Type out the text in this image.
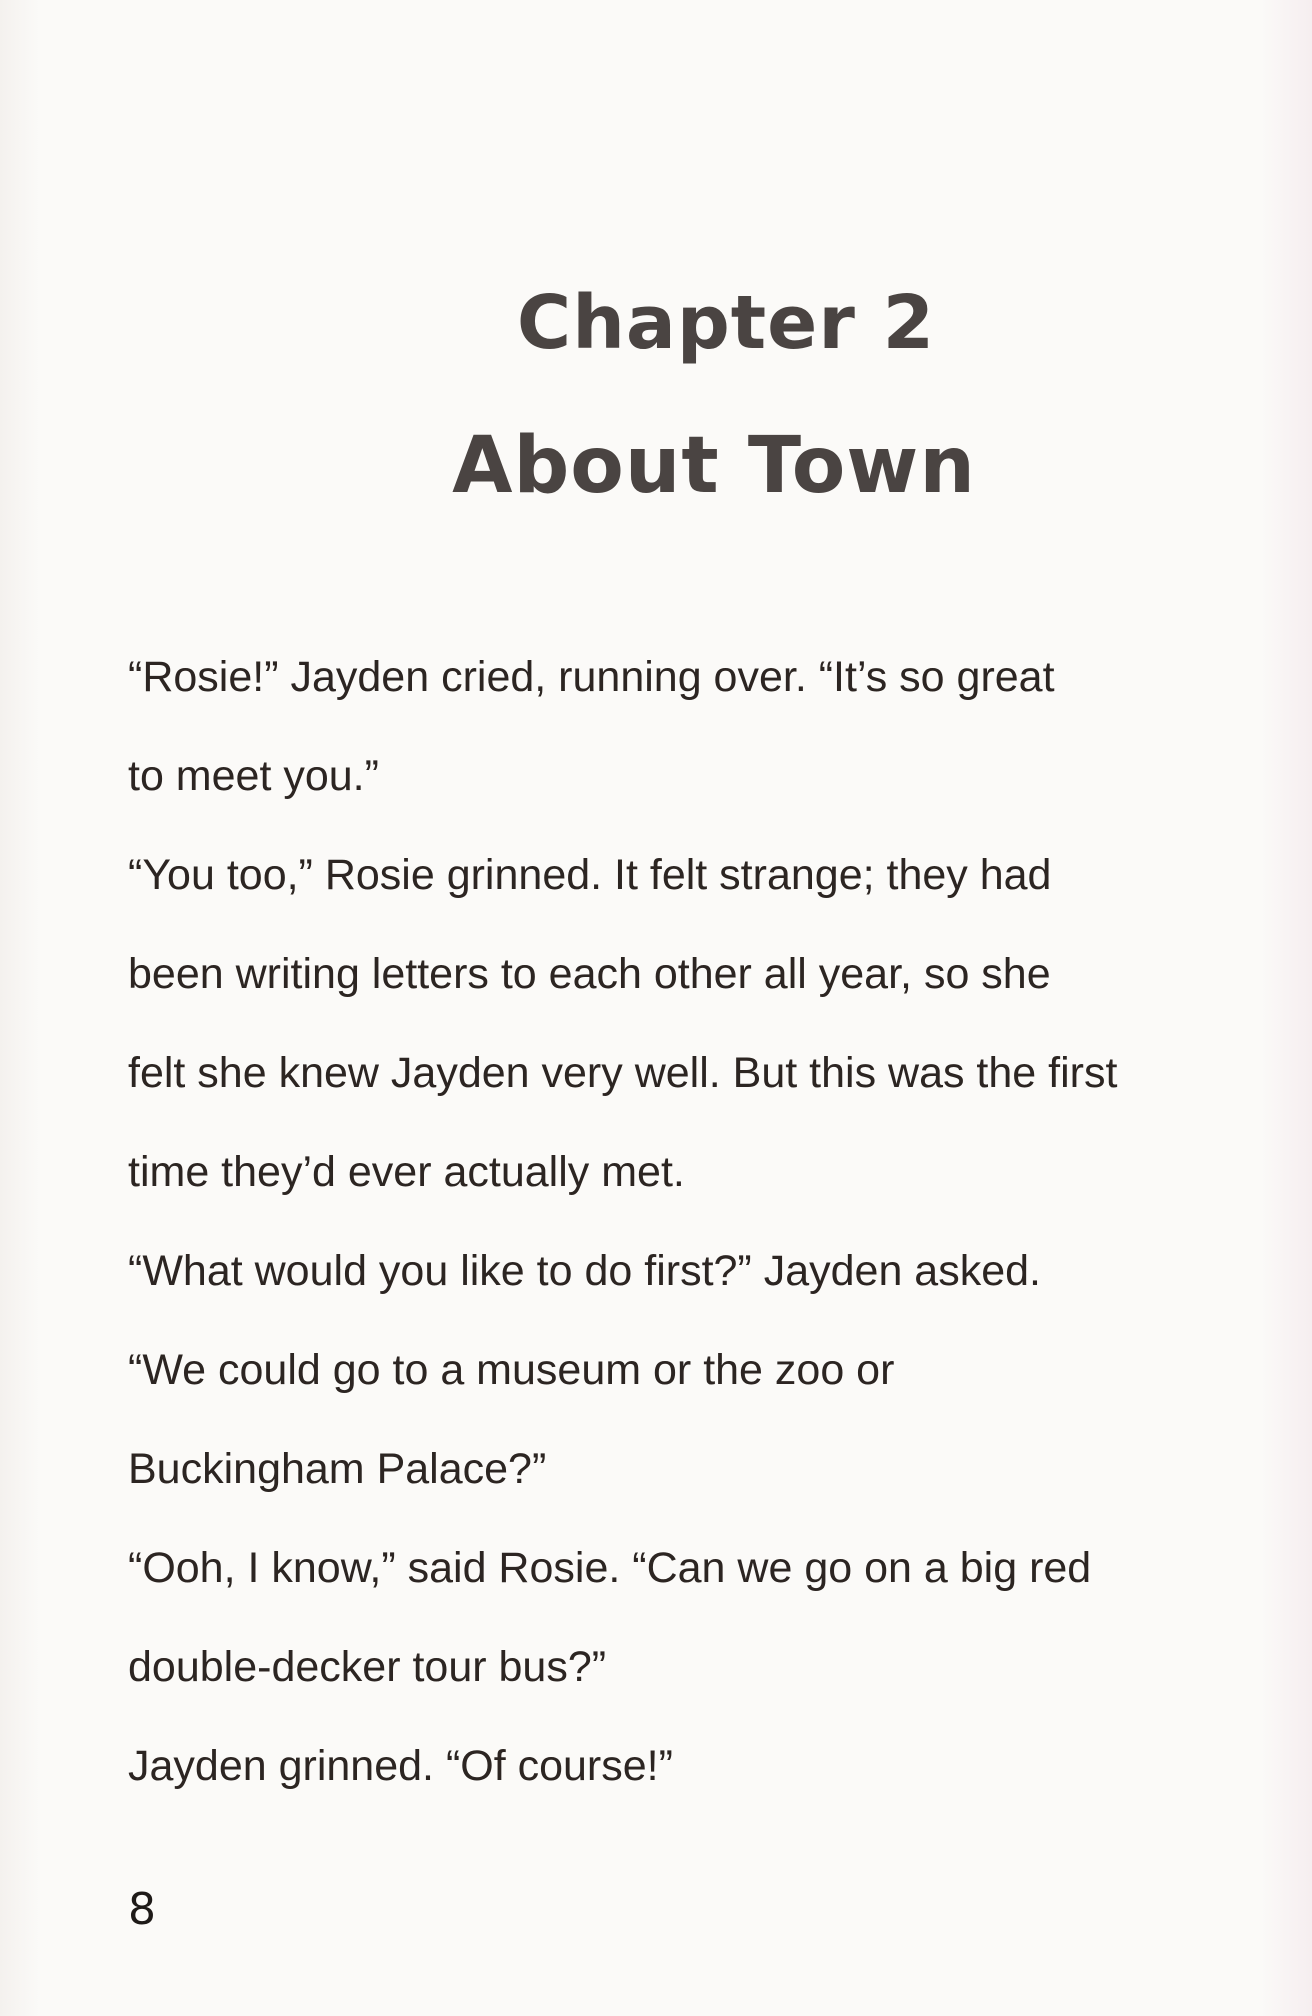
Chapter 2
About Town
“Rosie!” Jayden cried, running over. “It’s so great
to meet you.”
“You too,” Rosie grinned. It felt strange; they had
been writing letters to each other all year, so she
felt she knew Jayden very well. But this was the first
time they’d ever actually met.
“What would you like to do first?” Jayden asked.
“We could go to a museum or the zoo or
Buckingham Palace?”
“Ooh, I know,” said Rosie. “Can we go on a big red
double-decker tour bus?”
Jayden grinned. “Of course!”
8
